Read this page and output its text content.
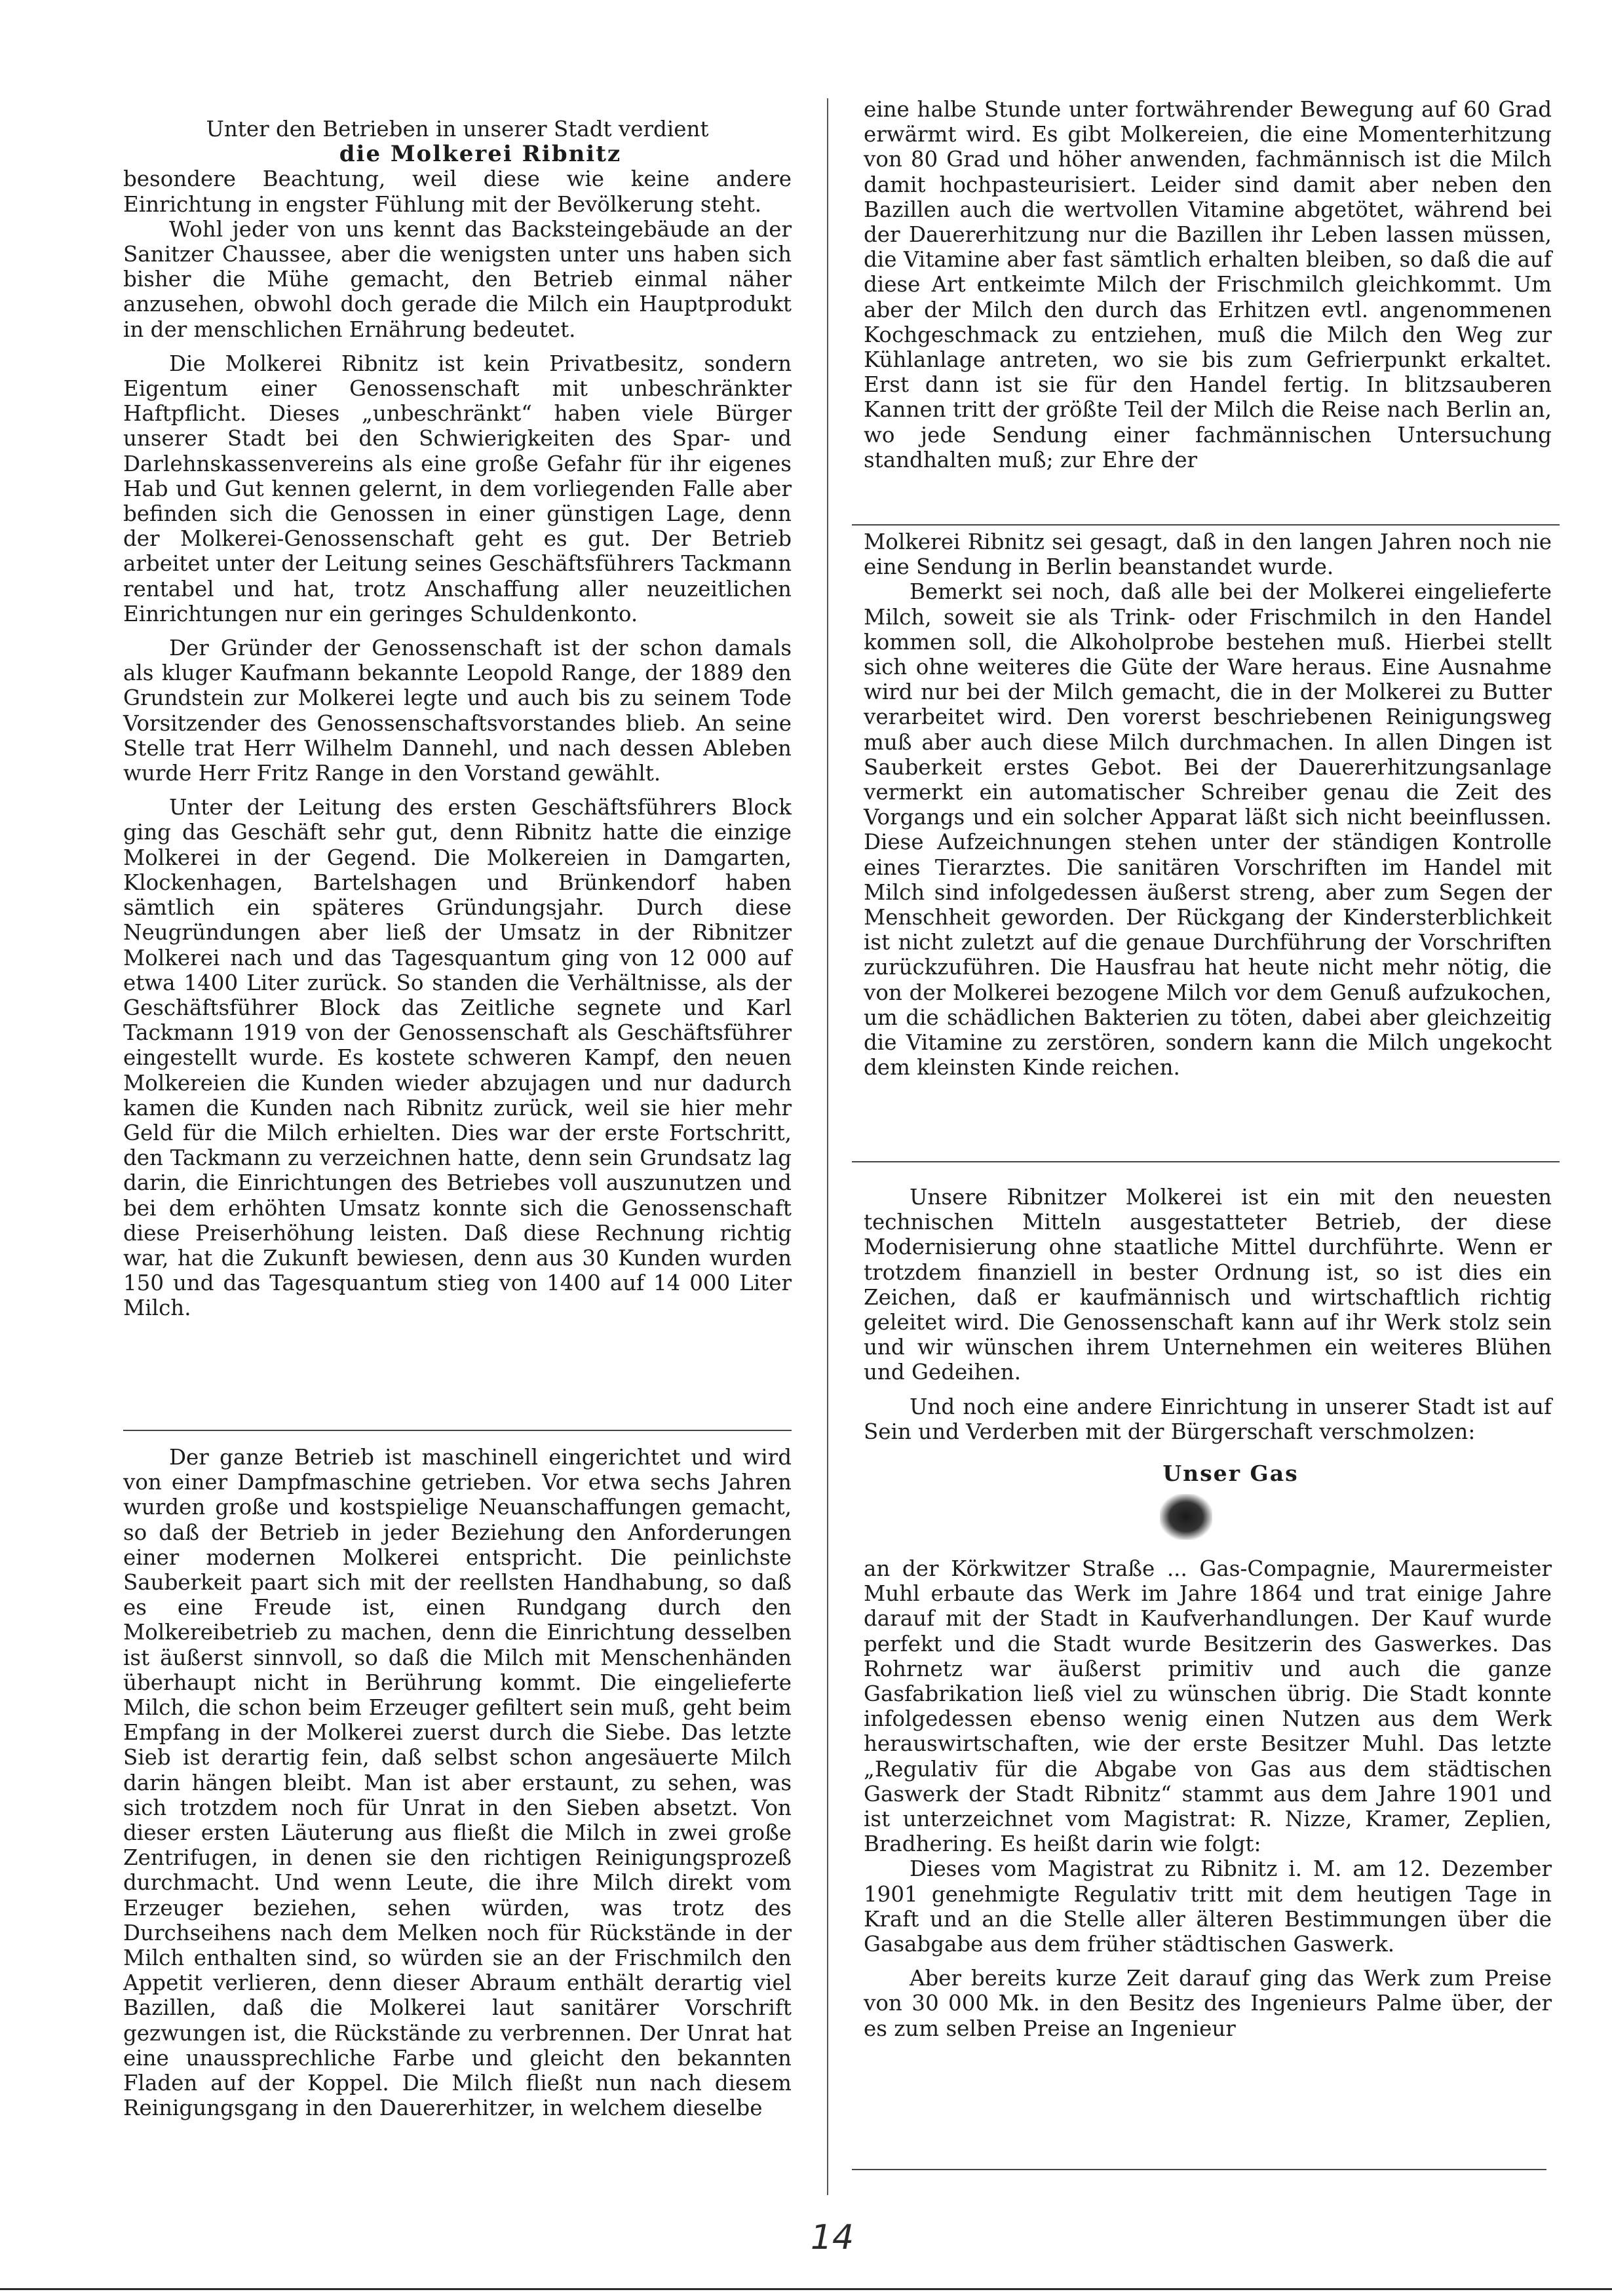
Unter den Betrieben in unserer Stadt verdient

die Molkerei Ribnitz

besondere Beachtung, weil diese wie keine andere Einrichtung in engster Fühlung mit der Bevölkerung steht.

Wohl jeder von uns kennt das Backsteingebäude an der Sanitzer Chaussee, aber die wenigsten unter uns haben sich bisher die Mühe gemacht, den Betrieb einmal näher anzusehen, obwohl doch gerade die Milch ein Hauptprodukt in der menschlichen Ernährung bedeutet.

Die Molkerei Ribnitz ist kein Privatbesitz, sondern Eigentum einer Genossenschaft mit unbeschränkter Haftpflicht. Dieses „unbeschränkt“ haben viele Bürger unserer Stadt bei den Schwierigkeiten des Spar- und Darlehnskassenvereins als eine große Gefahr für ihr eigenes Hab und Gut kennen gelernt, in dem vorliegenden Falle aber befinden sich die Genossen in einer günstigen Lage, denn der Molkerei-Genossenschaft geht es gut. Der Betrieb arbeitet unter der Leitung seines Geschäftsführers Tackmann rentabel und hat, trotz Anschaffung aller neuzeitlichen Einrichtungen nur ein geringes Schuldenkonto.

Der Gründer der Genossenschaft ist der schon damals als kluger Kaufmann bekannte Leopold Range, der 1889 den Grundstein zur Molkerei legte und auch bis zu seinem Tode Vorsitzender des Genossenschaftsvorstandes blieb. An seine Stelle trat Herr Wilhelm Dannehl, und nach dessen Ableben wurde Herr Fritz Range in den Vorstand gewählt.

Unter der Leitung des ersten Geschäftsführers Block ging das Geschäft sehr gut, denn Ribnitz hatte die einzige Molkerei in der Gegend. Die Molkereien in Damgarten, Klockenhagen, Bartelshagen und Brünkendorf haben sämtlich ein späteres Gründungsjahr. Durch diese Neugründungen aber ließ der Umsatz in der Ribnitzer Molkerei nach und das Tagesquantum ging von 12 000 auf etwa 1400 Liter zurück. So standen die Verhältnisse, als der Geschäftsführer Block das Zeitliche segnete und Karl Tackmann 1919 von der Genossenschaft als Geschäftsführer eingestellt wurde. Es kostete schweren Kampf, den neuen Molkereien die Kunden wieder abzujagen und nur dadurch kamen die Kunden nach Ribnitz zurück, weil sie hier mehr Geld für die Milch erhielten. Dies war der erste Fortschritt, den Tackmann zu verzeichnen hatte, denn sein Grundsatz lag darin, die Einrichtungen des Betriebes voll auszunutzen und bei dem erhöhten Umsatz konnte sich die Genossenschaft diese Preiserhöhung leisten. Daß diese Rechnung richtig war, hat die Zukunft bewiesen, denn aus 30 Kunden wurden 150 und das Tagesquantum stieg von 1400 auf 14 000 Liter Milch.

Der ganze Betrieb ist maschinell eingerichtet und wird von einer Dampfmaschine getrieben. Vor etwa sechs Jahren wurden große und kostspielige Neuanschaffungen gemacht, so daß der Betrieb in jeder Beziehung den Anforderungen einer modernen Molkerei entspricht. Die peinlichste Sauberkeit paart sich mit der reellsten Handhabung, so daß es eine Freude ist, einen Rundgang durch den Molkereibetrieb zu machen, denn die Einrichtung desselben ist äußerst sinnvoll, so daß die Milch mit Menschenhänden überhaupt nicht in Berührung kommt. Die eingelieferte Milch, die schon beim Erzeuger gefiltert sein muß, geht beim Empfang in der Molkerei zuerst durch die Siebe. Das letzte Sieb ist derartig fein, daß selbst schon angesäuerte Milch darin hängen bleibt. Man ist aber erstaunt, zu sehen, was sich trotzdem noch für Unrat in den Sieben absetzt. Von dieser ersten Läuterung aus fließt die Milch in zwei große Zentrifugen, in denen sie den richtigen Reinigungsprozeß durchmacht. Und wenn Leute, die ihre Milch direkt vom Erzeuger beziehen, sehen würden, was trotz des Durchseihens nach dem Melken noch für Rückstände in der Milch enthalten sind, so würden sie an der Frischmilch den Appetit verlieren, denn dieser Abraum enthält derartig viel Bazillen, daß die Molkerei laut sanitärer Vorschrift gezwungen ist, die Rückstände zu verbrennen. Der Unrat hat eine unaussprechliche Farbe und gleicht den bekannten Fladen auf der Koppel. Die Milch fließt nun nach diesem Reinigungsgang in den Dauererhitzer, in welchem dieselbe

eine halbe Stunde unter fortwährender Bewegung auf 60 Grad erwärmt wird. Es gibt Molkereien, die eine Momenterhitzung von 80 Grad und höher anwenden, fachmännisch ist die Milch damit hochpasteurisiert. Leider sind damit aber neben den Bazillen auch die wertvollen Vitamine abgetötet, während bei der Dauererhitzung nur die Bazillen ihr Leben lassen müssen, die Vitamine aber fast sämtlich erhalten bleiben, so daß die auf diese Art entkeimte Milch der Frischmilch gleichkommt. Um aber der Milch den durch das Erhitzen evtl. angenommenen Kochgeschmack zu entziehen, muß die Milch den Weg zur Kühlanlage antreten, wo sie bis zum Gefrierpunkt erkaltet. Erst dann ist sie für den Handel fertig. In blitzsauberen Kannen tritt der größte Teil der Milch die Reise nach Berlin an, wo jede Sendung einer fachmännischen Untersuchung standhalten muß; zur Ehre der

Molkerei Ribnitz sei gesagt, daß in den langen Jahren noch nie eine Sendung in Berlin beanstandet wurde.

Bemerkt sei noch, daß alle bei der Molkerei eingelieferte Milch, soweit sie als Trink- oder Frischmilch in den Handel kommen soll, die Alkoholprobe bestehen muß. Hierbei stellt sich ohne weiteres die Güte der Ware heraus. Eine Ausnahme wird nur bei der Milch gemacht, die in der Molkerei zu Butter verarbeitet wird. Den vorerst beschriebenen Reinigungsweg muß aber auch diese Milch durchmachen. In allen Dingen ist Sauberkeit erstes Gebot. Bei der Dauererhitzungsanlage vermerkt ein automatischer Schreiber genau die Zeit des Vorgangs und ein solcher Apparat läßt sich nicht beeinflussen. Diese Aufzeichnungen stehen unter der ständigen Kontrolle eines Tierarztes. Die sanitären Vorschriften im Handel mit Milch sind infolgedessen äußerst streng, aber zum Segen der Menschheit geworden. Der Rückgang der Kindersterblichkeit ist nicht zuletzt auf die genaue Durchführung der Vorschriften zurückzuführen. Die Hausfrau hat heute nicht mehr nötig, die von der Molkerei bezogene Milch vor dem Genuß aufzukochen, um die schädlichen Bakterien zu töten, dabei aber gleichzeitig die Vitamine zu zerstören, sondern kann die Milch ungekocht dem kleinsten Kinde reichen.

Unsere Ribnitzer Molkerei ist ein mit den neuesten technischen Mitteln ausgestatteter Betrieb, der diese Modernisierung ohne staatliche Mittel durchführte. Wenn er trotzdem finanziell in bester Ordnung ist, so ist dies ein Zeichen, daß er kaufmännisch und wirtschaftlich richtig geleitet wird. Die Genossenschaft kann auf ihr Werk stolz sein und wir wünschen ihrem Unternehmen ein weiteres Blühen und Gedeihen.

Und noch eine andere Einrichtung in unserer Stadt ist auf Sein und Verderben mit der Bürgerschaft verschmolzen:

Unser Gas

an der Körkwitzer Straße ... Gas-Compagnie, Maurermeister Muhl erbaute das Werk im Jahre 1864 und trat einige Jahre darauf mit der Stadt in Kaufverhandlungen. Der Kauf wurde perfekt und die Stadt wurde Besitzerin des Gaswerkes. Das Rohrnetz war äußerst primitiv und auch die ganze Gasfabrikation ließ viel zu wünschen übrig. Die Stadt konnte infolgedessen ebenso wenig einen Nutzen aus dem Werk herauswirtschaften, wie der erste Besitzer Muhl. Das letzte „Regulativ für die Abgabe von Gas aus dem städtischen Gaswerk der Stadt Ribnitz“ stammt aus dem Jahre 1901 und ist unterzeichnet vom Magistrat: R. Nizze, Kramer, Zeplien, Bradhering. Es heißt darin wie folgt:

Dieses vom Magistrat zu Ribnitz i. M. am 12. Dezember 1901 genehmigte Regulativ tritt mit dem heutigen Tage in Kraft und an die Stelle aller älteren Bestimmungen über die Gasabgabe aus dem früher städtischen Gaswerk.

Aber bereits kurze Zeit darauf ging das Werk zum Preise von 30 000 Mk. in den Besitz des Ingenieurs Palme über, der es zum selben Preise an Ingenieur

14
